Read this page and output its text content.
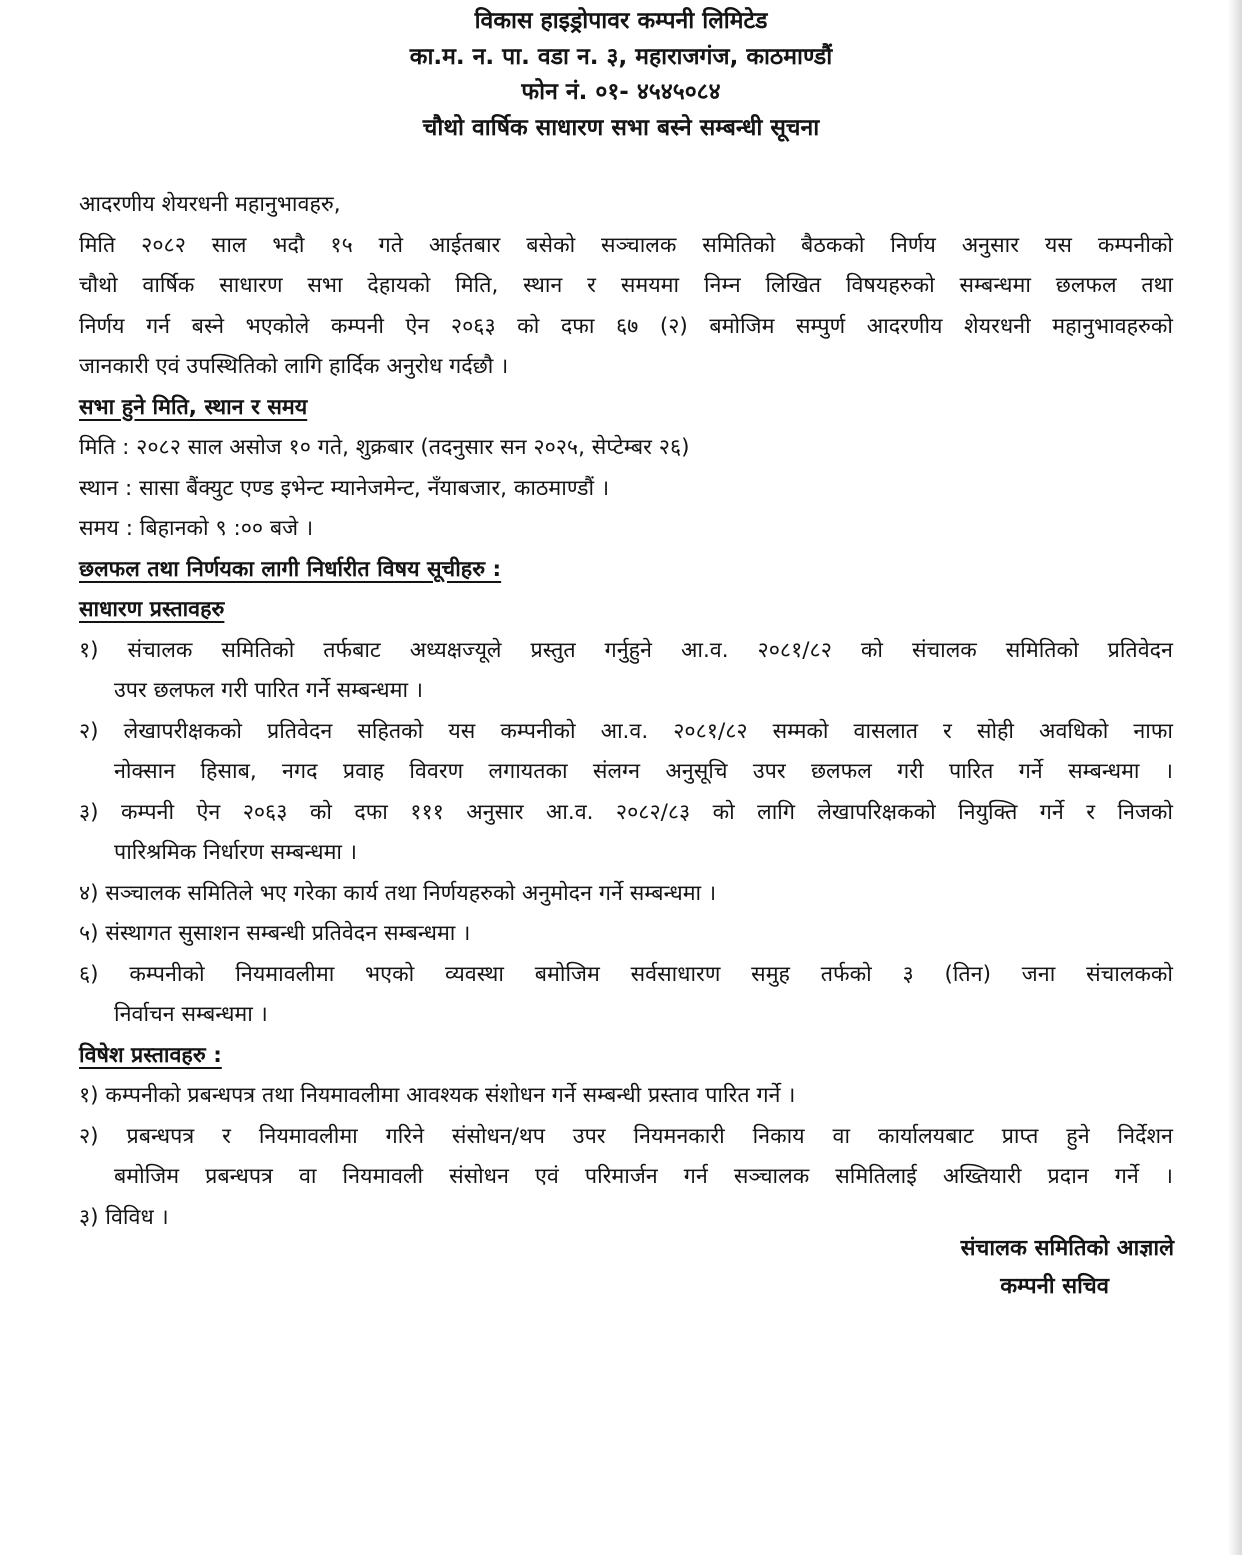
विकास हाइड्रोपावर कम्पनी लिमिटेड
का.म. न. पा. वडा न. ३, महाराजगंज, काठमाण्डौं
फोन नं. ०१- ४५४५०८४
चौथो वार्षिक साधारण सभा बस्ने सम्बन्धी सूचना
आदरणीय शेयरधनी महानुभावहरु,
मिति २०८२ साल भदौ १५ गते आईतबार बसेको सञ्चालक समितिको बैठकको निर्णय अनुसार यस कम्पनीको
चौथो वार्षिक साधारण सभा देहायको मिति, स्थान र समयमा निम्न लिखित विषयहरुको सम्बन्धमा छलफल तथा
निर्णय गर्न बस्ने भएकोले कम्पनी ऐन २०६३ को दफा ६७ (२) बमोजिम सम्पुर्ण आदरणीय शेयरधनी महानुभावहरुको
जानकारी एवं उपस्थितिको लागि हार्दिक अनुरोध गर्दछौ ।
सभा हुने मिति, स्थान र समय
मिति : २०८२ साल असोज १० गते, शुक्रबार (तदनुसार सन २०२५, सेप्टेम्बर २६)
स्थान : सासा बैंक्युट एण्ड इभेन्ट म्यानेजमेन्ट, नँयाबजार, काठमाण्डौं ।
समय : बिहानको ९ :०० बजे ।
छलफल तथा निर्णयका लागी निर्धारीत विषय सूचीहरु :
साधारण प्रस्तावहरु
१) संचालक समितिको तर्फबाट अध्यक्षज्यूले प्रस्तुत गर्नुहुने आ.व. २०८१/८२ को संचालक समितिको प्रतिवेदन
उपर छलफल गरी पारित गर्ने सम्बन्धमा ।
२) लेखापरीक्षकको प्रतिवेदन सहितको यस कम्पनीको आ.व. २०८१/८२ सम्मको वासलात र सोही अवधिको नाफा
नोक्सान हिसाब, नगद प्रवाह विवरण लगायतका संलग्न अनुसूचि उपर छलफल गरी पारित गर्ने सम्बन्धमा ।
३) कम्पनी ऐन २०६३ को दफा १११ अनुसार आ.व. २०८२/८३ को लागि लेखापरिक्षकको नियुक्ति गर्ने र निजको
पारिश्रमिक निर्धारण सम्बन्धमा ।
४) सञ्चालक समितिले भए गरेका कार्य तथा निर्णयहरुको अनुमोदन गर्ने सम्बन्धमा ।
५) संस्थागत सुसाशन सम्बन्धी प्रतिवेदन सम्बन्धमा ।
६) कम्पनीको नियमावलीमा भएको व्यवस्था बमोजिम सर्वसाधारण समुह तर्फको ३ (तिन) जना संचालकको
निर्वाचन सम्बन्धमा ।
विषेश प्रस्तावहरु :
१) कम्पनीको प्रबन्धपत्र तथा नियमावलीमा आवश्यक संशोधन गर्ने सम्बन्धी प्रस्ताव पारित गर्ने ।
२) प्रबन्धपत्र र नियमावलीमा गरिने संसोधन/थप उपर नियमनकारी निकाय वा कार्यालयबाट प्राप्त हुने निर्देशन
बमोजिम प्रबन्धपत्र वा नियमावली संसोधन एवं परिमार्जन गर्न सञ्चालक समितिलाई अख्तियारी प्रदान गर्ने ।
३) विविध ।
संचालक समितिको आज्ञाले
कम्पनी सचिव
